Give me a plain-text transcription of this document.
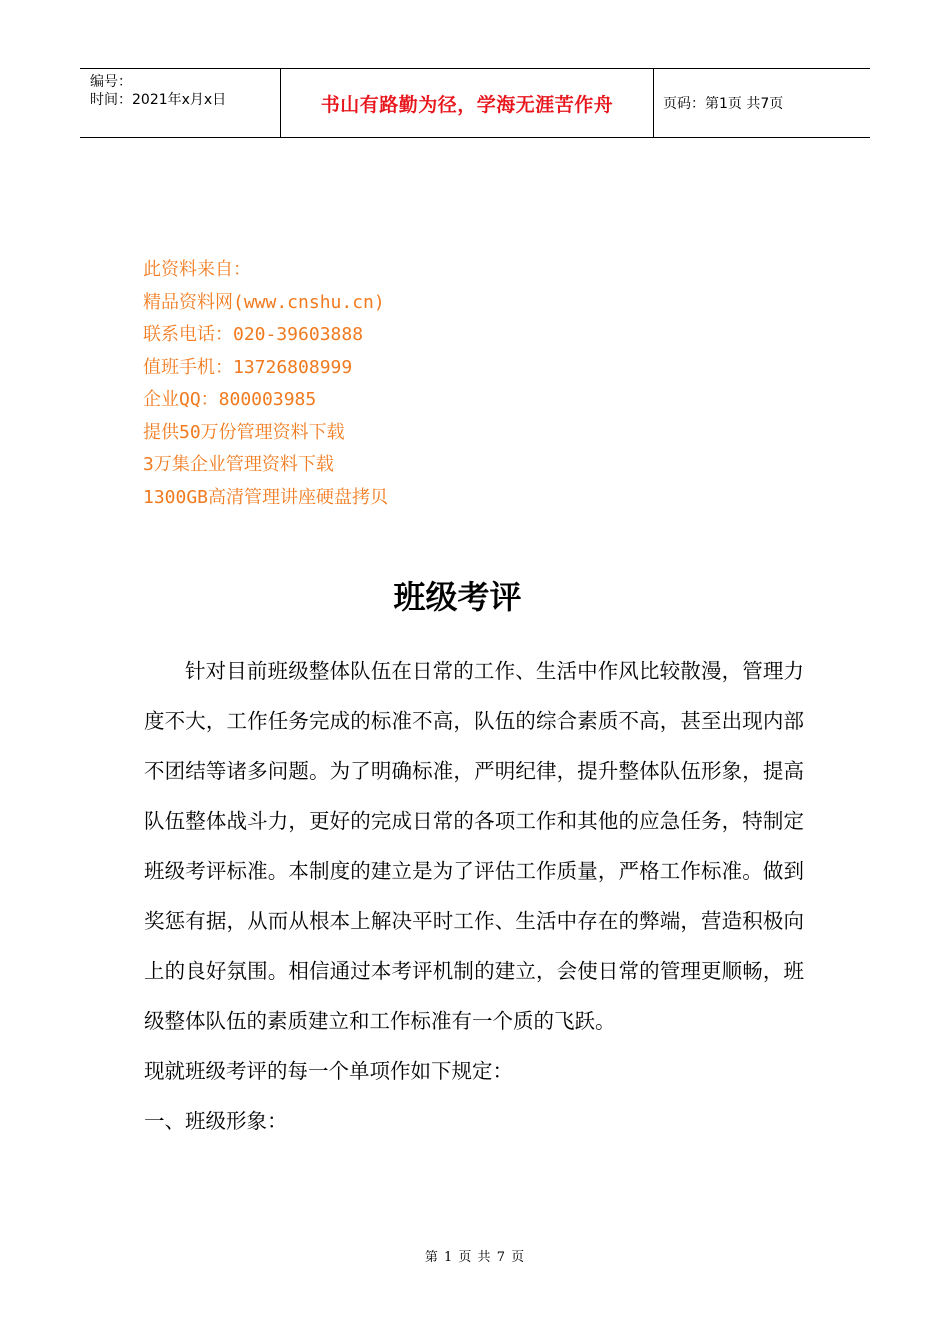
编号：
时间：2021年x月x日	书山有路勤为径，学海无涯苦作舟	页码：第1页 共7页
此资料来自：
精品资料网(www.cnshu.cn)
联系电话：020-39603888
值班手机：13726808999
企业QQ：800003985
提供50万份管理资料下载
3万集企业管理资料下载
1300GB高清管理讲座硬盘拷贝
班级考评

针对目前班级整体队伍在日常的工作、生活中作风比较散漫，管理力度不大，工作任务完成的标准不高，队伍的综合素质不高，甚至出现内部不团结等诸多问题。为了明确标准，严明纪律，提升整体队伍形象，提高队伍整体战斗力，更好的完成日常的各项工作和其他的应急任务，特制定班级考评标准。本制度的建立是为了评估工作质量，严格工作标准。做到奖惩有据，从而从根本上解决平时工作、生活中存在的弊端，营造积极向上的良好氛围。相信通过本考评机制的建立，会使日常的管理更顺畅，班级整体队伍的素质建立和工作标准有一个质的飞跃。

现就班级考评的每一个单项作如下规定：

一、班级形象：

第 1 页 共 7 页
